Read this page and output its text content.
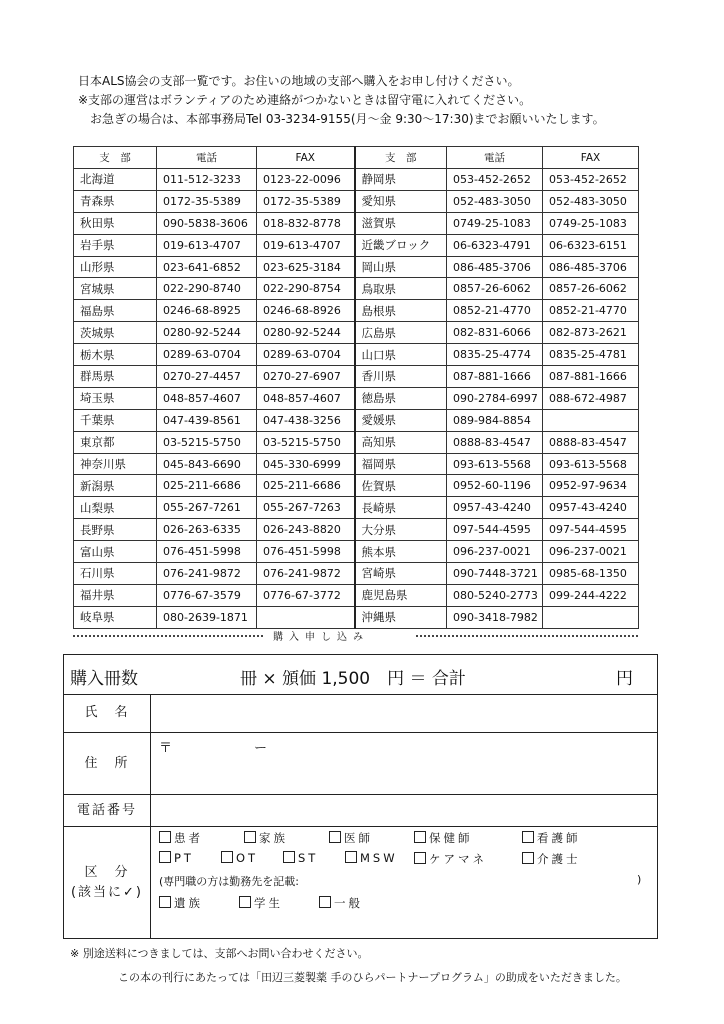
日本ALS協会の支部一覧です。お住いの地域の支部へ購入をお申し付けください。

※支部の運営はボランティアのため連絡がつかないときは留守電に入れてください。

お急ぎの場合は、本部事務局Tel 03-3234-9155(月〜金 9:30〜17:30)までお願いいたします。

支　部	電話	FAX	支　部	電話	FAX
北海道	011-512-3233	0123-22-0096	静岡県	053-452-2652	053-452-2652
青森県	0172-35-5389	0172-35-5389	愛知県	052-483-3050	052-483-3050
秋田県	090-5838-3606	018-832-8778	滋賀県	0749-25-1083	0749-25-1083
岩手県	019-613-4707	019-613-4707	近畿ブロック	06-6323-4791	06-6323-6151
山形県	023-641-6852	023-625-3184	岡山県	086-485-3706	086-485-3706
宮城県	022-290-8740	022-290-8754	鳥取県	0857-26-6062	0857-26-6062
福島県	0246-68-8925	0246-68-8926	島根県	0852-21-4770	0852-21-4770
茨城県	0280-92-5244	0280-92-5244	広島県	082-831-6066	082-873-2621
栃木県	0289-63-0704	0289-63-0704	山口県	0835-25-4774	0835-25-4781
群馬県	0270-27-4457	0270-27-6907	香川県	087-881-1666	087-881-1666
埼玉県	048-857-4607	048-857-4607	徳島県	090-2784-6997	088-672-4987
千葉県	047-439-8561	047-438-3256	愛媛県	089-984-8854	
東京都	03-5215-5750	03-5215-5750	高知県	0888-83-4547	0888-83-4547
神奈川県	045-843-6690	045-330-6999	福岡県	093-613-5568	093-613-5568
新潟県	025-211-6686	025-211-6686	佐賀県	0952-60-1196	0952-97-9634
山梨県	055-267-7261	055-267-7263	長崎県	0957-43-4240	0957-43-4240
長野県	026-263-6335	026-243-8820	大分県	097-544-4595	097-544-4595
富山県	076-451-5998	076-451-5998	熊本県	096-237-0021	096-237-0021
石川県	076-241-9872	076-241-9872	宮崎県	090-7448-3721	0985-68-1350
福井県	0776-67-3579	0776-67-3772	鹿児島県	080-5240-2773	099-244-4222
岐阜県	080-2639-1871		沖縄県	090-3418-7982	
購入申し込み
購入冊数	冊 × 頒価 1,500　円 ＝ 合計	円
氏　名
住　所
〒	ー
電話番号
区　分
(該当に✓)
患者	家族	医師	保健師	看護師
PT	OT	ST	MSW	ケアマネ	介護士
(専門職の方は勤務先を記載:	)
遺族	学生	一般
※ 別途送料につきましては、支部へお問い合わせください。
この本の刊行にあたっては「田辺三菱製薬 手のひらパートナープログラム」の助成をいただきました。
